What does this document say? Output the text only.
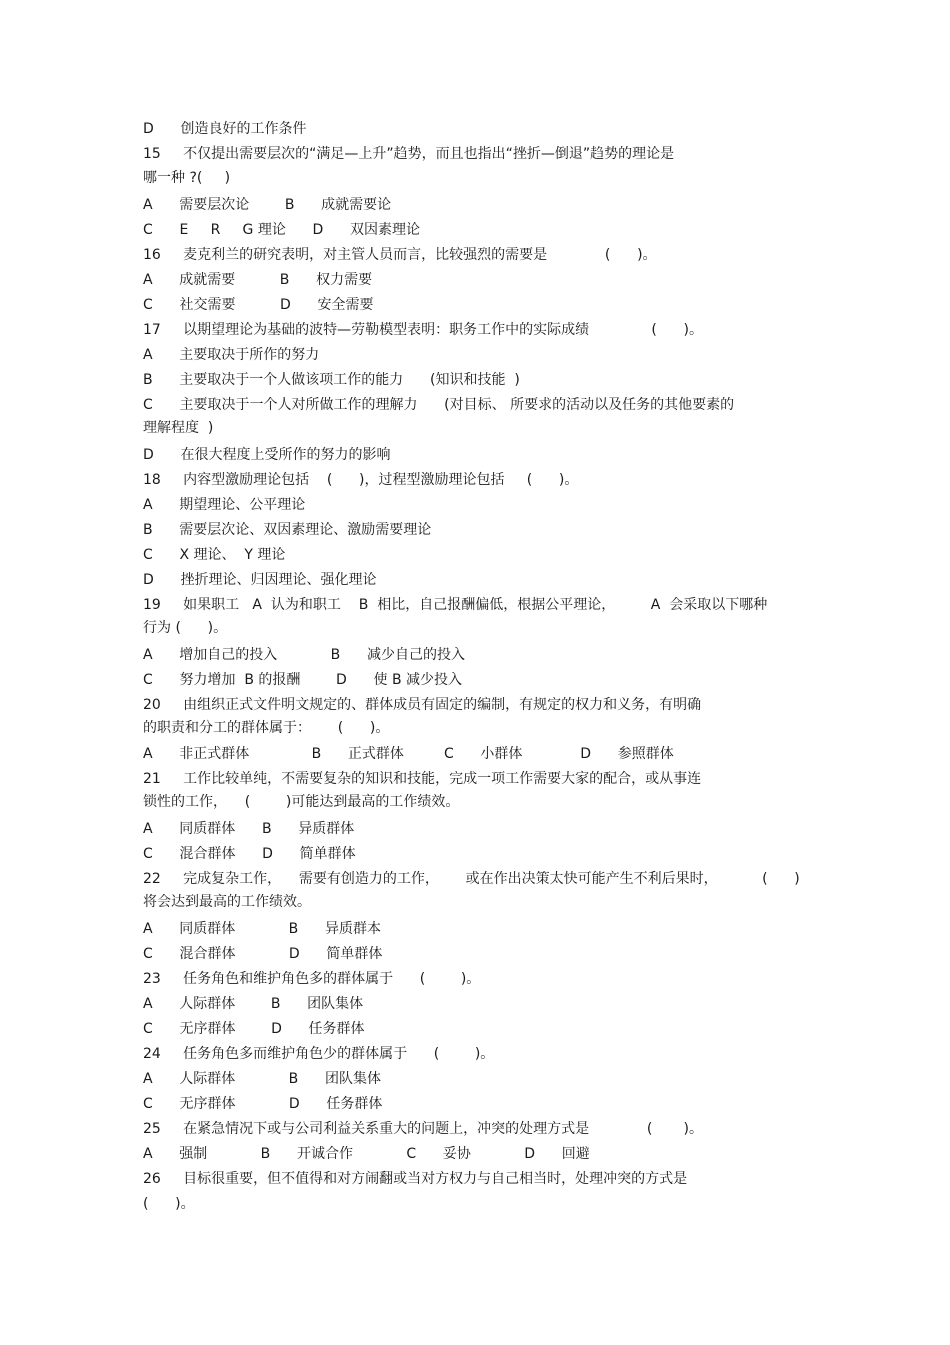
D      创造良好的工作条件
15     不仅提出需要层次的“满足—上升”趋势，而且也指出“挫折—倒退”趋势的理论是
哪一种 ?(     )
A      需要层次论        B      成就需要论
C      E     R     G 理论      D      双因素理论
16     麦克利兰的研究表明，对主管人员而言，比较强烈的需要是             (      )。
A      成就需要          B      权力需要
C      社交需要          D      安全需要
17     以期望理论为基础的波特—劳勒模型表明：职务工作中的实际成绩              (      )。
A      主要取决于所作的努力
B      主要取决于一个人做该项工作的能力      (知识和技能  )
C      主要取决于一个人对所做工作的理解力      (对目标、 所要求的活动以及任务的其他要素的
理解程度  )
D      在很大程度上受所作的努力的影响
18     内容型激励理论包括    (      )，过程型激励理论包括     (      )。
A      期望理论、公平理论
B      需要层次论、双因素理论、激励需要理论
C      X 理论、  Y 理论
D      挫折理论、归因理论、强化理论
19     如果职工   A  认为和职工    B  相比，自己报酬偏低，根据公平理论，        A  会采取以下哪种
行为 (      )。
A      增加自己的投入            B      减少自己的投入
C      努力增加  B 的报酬        D      使 B 减少投入
20     由组织正式文件明文规定的、群体成员有固定的编制，有规定的权力和义务，有明确
的职责和分工的群体属于：      (      )。
A      非正式群体              B      正式群体         C      小群体             D      参照群体
21     工作比较单纯，不需要复杂的知识和技能，完成一项工作需要大家的配合，或从事连
锁性的工作，    (        )可能达到最高的工作绩效。
A      同质群体      B      异质群体
C      混合群体      D      简单群体
22     完成复杂工作，    需要有创造力的工作，      或在作出决策太快可能产生不利后果时，          (      )
将会达到最高的工作绩效。
A      同质群体            B      异质群本
C      混合群体            D      简单群体
23     任务角色和维护角色多的群体属于      (        )。
A      人际群体        B      团队集体
C      无序群体        D      任务群体
24     任务角色多而维护角色少的群体属于      (        )。
A      人际群体            B      团队集体
C      无序群体            D      任务群体
25     在紧急情况下或与公司利益关系重大的问题上，冲突的处理方式是             (       )。
A      强制            B      开诚合作            C      妥协            D      回避
26     目标很重要，但不值得和对方闹翻或当对方权力与自己相当时，处理冲突的方式是
(      )。
